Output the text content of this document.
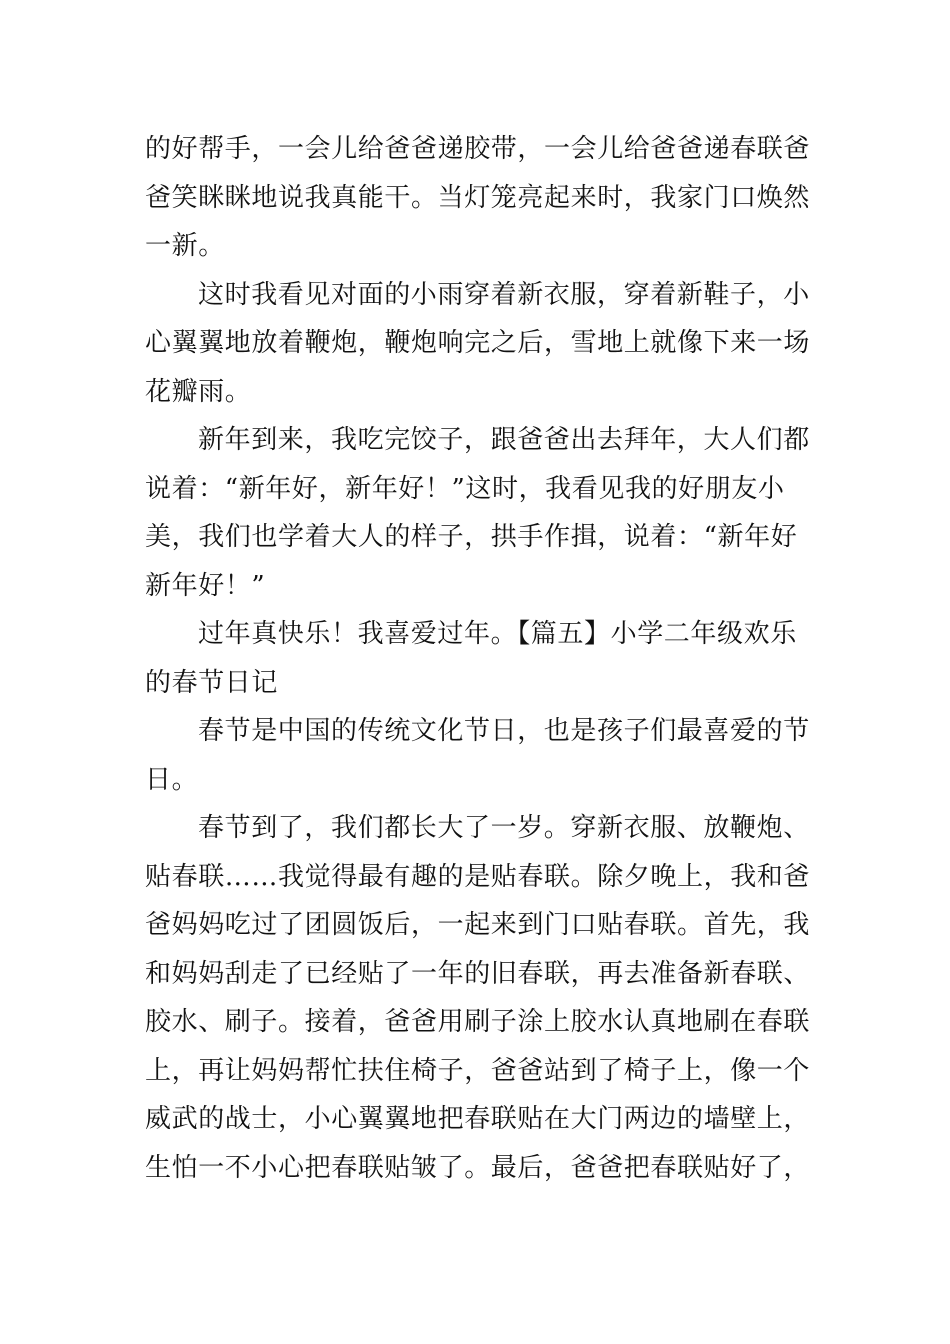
的好帮手，一会儿给爸爸递胶带，一会儿给爸爸递春联爸
爸笑眯眯地说我真能干。当灯笼亮起来时，我家门口焕然
一新。
这时我看见对面的小雨穿着新衣服，穿着新鞋子，小
心翼翼地放着鞭炮，鞭炮响完之后，雪地上就像下来一场
花瓣雨。
新年到来，我吃完饺子，跟爸爸出去拜年，大人们都
说着：“新年好，新年好！”这时，我看见我的好朋友小
美，我们也学着大人的样子，拱手作揖，说着：“新年好
新年好！”
过年真快乐！我喜爱过年。【篇五】小学二年级欢乐
的春节日记
春节是中国的传统文化节日，也是孩子们最喜爱的节
日。
春节到了，我们都长大了一岁。穿新衣服、放鞭炮、
贴春联……我觉得最有趣的是贴春联。除夕晚上，我和爸
爸妈妈吃过了团圆饭后，一起来到门口贴春联。首先，我
和妈妈刮走了已经贴了一年的旧春联，再去准备新春联、
胶水、刷子。接着，爸爸用刷子涂上胶水认真地刷在春联
上，再让妈妈帮忙扶住椅子，爸爸站到了椅子上，像一个
威武的战士，小心翼翼地把春联贴在大门两边的墙壁上，
生怕一不小心把春联贴皱了。最后，爸爸把春联贴好了，
